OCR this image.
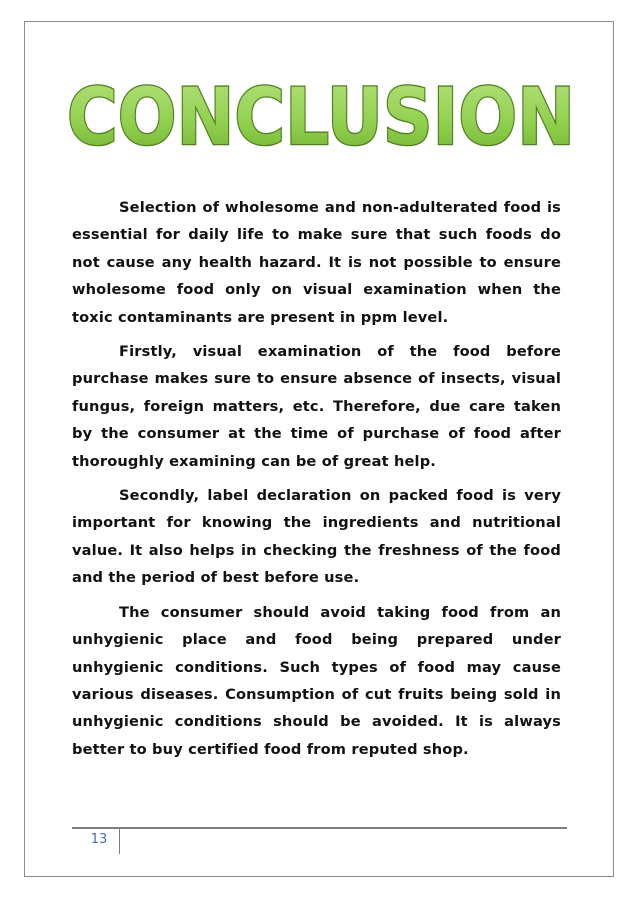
CONCLUSION

Selection of wholesome and non-adulterated food is essential for daily life to make sure that such foods do not cause any health hazard. It is not possible to ensure wholesome food only on visual examination when the toxic contaminants are present in ppm level.

Firstly, visual examination of the food before purchase makes sure to ensure absence of insects, visual fungus, foreign matters, etc. Therefore, due care taken by the consumer at the time of purchase of food after thoroughly examining can be of great help.

Secondly, label declaration on packed food is very important for knowing the ingredients and nutritional value. It also helps in checking the freshness of the food and the period of best before use.

The consumer should avoid taking food from an unhygienic place and food being prepared under unhygienic conditions. Such types of food may cause various diseases. Consumption of cut fruits being sold in unhygienic conditions should be avoided. It is always better to buy certified food from reputed shop.

13
